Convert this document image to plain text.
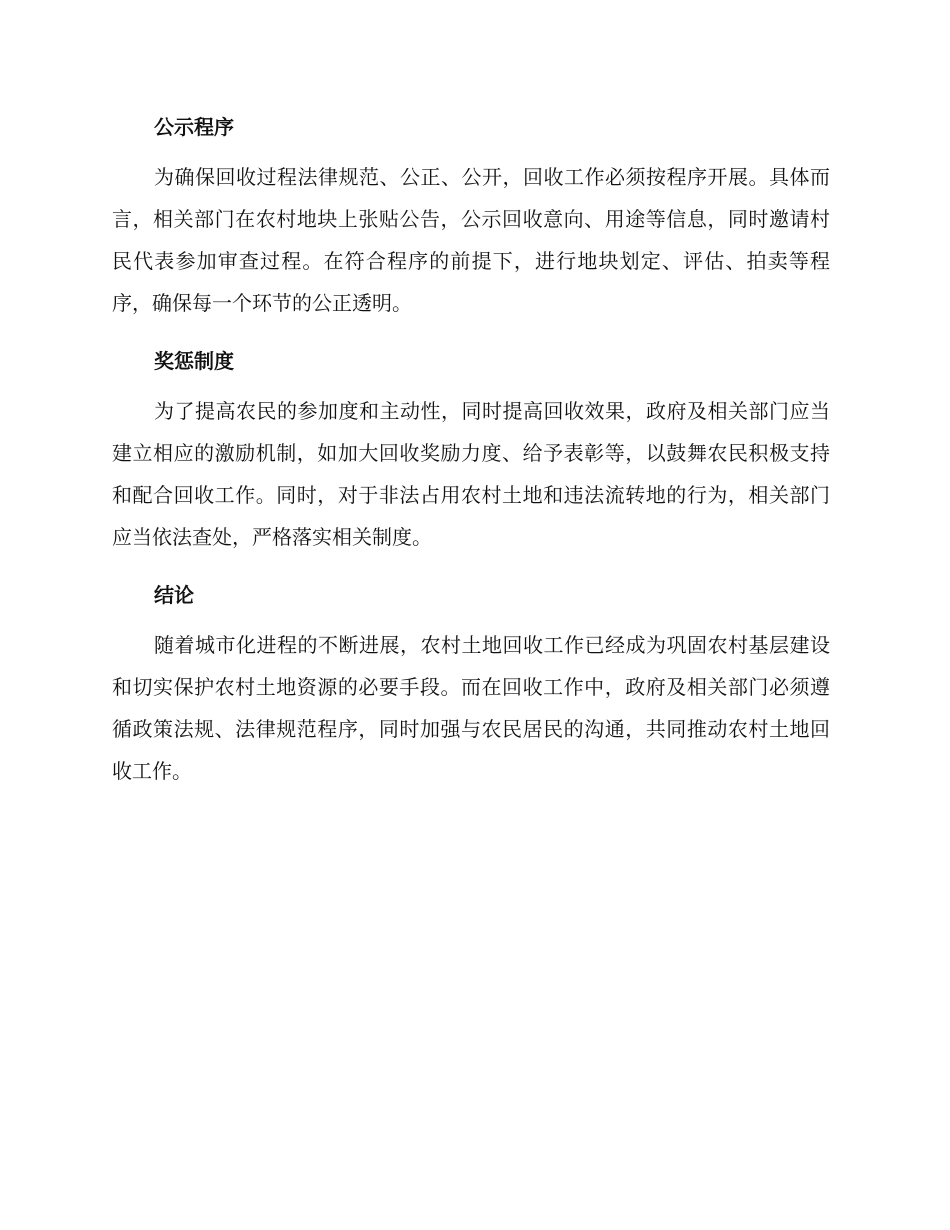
公示程序

为确保回收过程法律规范、公正、公开，回收工作必须按程序开展。具体而言，相关部门在农村地块上张贴公告，公示回收意向、用途等信息，同时邀请村民代表参加审查过程。在符合程序的前提下，进行地块划定、评估、拍卖等程序，确保每一个环节的公正透明。

奖惩制度

为了提高农民的参加度和主动性，同时提高回收效果，政府及相关部门应当建立相应的激励机制，如加大回收奖励力度、给予表彰等，以鼓舞农民积极支持和配合回收工作。同时，对于非法占用农村土地和违法流转地的行为，相关部门应当依法查处，严格落实相关制度。

结论

随着城市化进程的不断进展，农村土地回收工作已经成为巩固农村基层建设和切实保护农村土地资源的必要手段。而在回收工作中，政府及相关部门必须遵循政策法规、法律规范程序，同时加强与农民居民的沟通，共同推动农村土地回收工作。
